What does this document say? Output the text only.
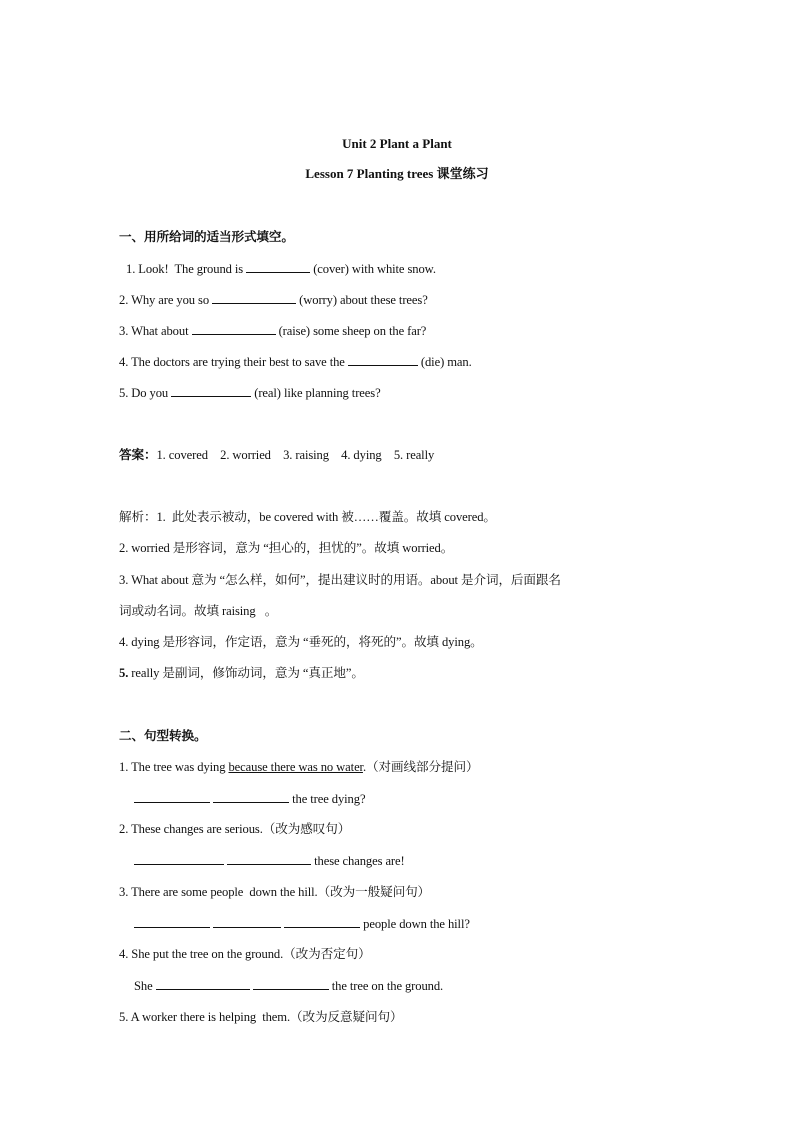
Unit 2 Plant a Plant
Lesson 7 Planting trees 课堂练习
一、用所给词的适当形式填空。
1. Look!  The ground is	(cover) with white snow.
2. Why are you so	(worry) about these trees?
3. What about	(raise) some sheep on the far?
4. The doctors are trying their best to save the	(die) man.
5. Do you	(real) like planning trees?
答案：1. covered    2. worried    3. raising    4. dying    5. really
解析：1.  此处表示被动，be covered with 被……覆盖。故填 covered。
2. worried 是形容词，意为 “担心的，担忧的”。故填 worried。
3. What about 意为 “怎么样，如何”，提出建议时的用语。about 是介词，后面跟名
词或动名词。故填 raising   。
4. dying 是形容词，作定语，意为 “垂死的，将死的”。故填 dying。
5. really 是副词，修饰动词，意为 “真正地”。
二、句型转换。
1. The tree was dying because there was no water.（对画线部分提问）
the tree dying?
2. These changes are serious.（改为感叹句）
these changes are!
3. There are some people  down the hill.（改为一般疑问句）
people down the hill?
4. She put the tree on the ground.（改为否定句）
She	the tree on the ground.
5. A worker there is helping  them.（改为反意疑问句）
